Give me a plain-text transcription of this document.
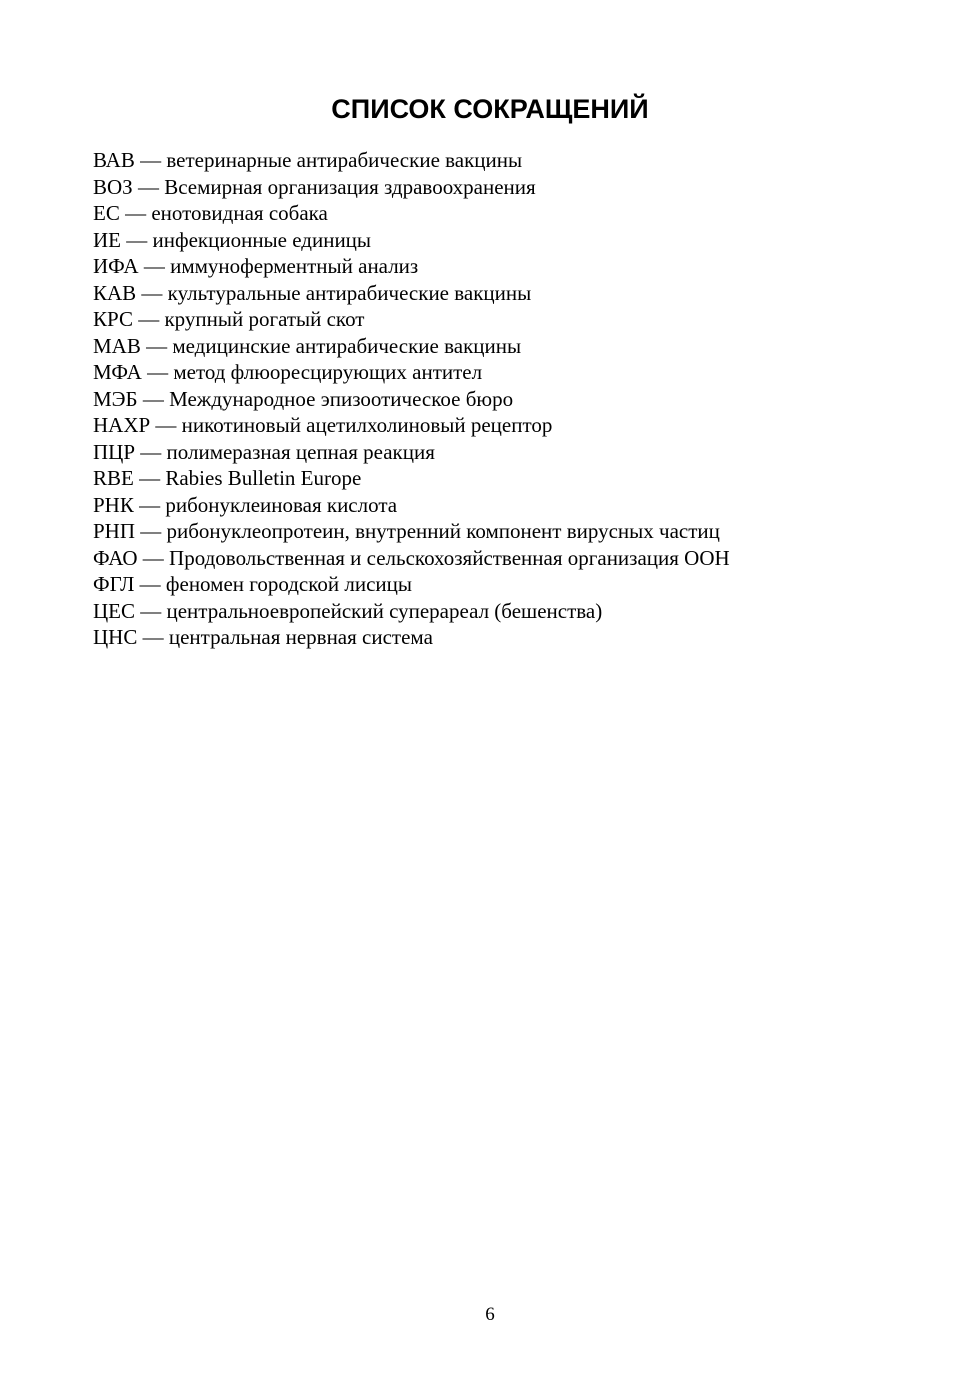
СПИСОК СОКРАЩЕНИЙ
ВАВ — ветеринарные антирабические вакцины
ВОЗ — Всемирная организация здравоохранения
ЕС — енотовидная собака
ИЕ — инфекционные единицы
ИФА — иммуноферментный анализ
КАВ — культуральные антирабические вакцины
КРС — крупный рогатый скот
МАВ — медицинские антирабические вакцины
МФА — метод флюоресцирующих антител
МЭБ — Международное эпизоотическое бюро
НАХР — никотиновый ацетилхолиновый рецептор
ПЦР — полимеразная цепная реакция
RBE — Rabies Bulletin Europe
РНК — рибонуклеиновая кислота
РНП — рибонуклеопротеин, внутренний компонент вирусных частиц
ФАО — Продовольственная и сельскохозяйственная организация ООН
ФГЛ — феномен городской лисицы
ЦЕС — центральноевропейский суперареал (бешенства)
ЦНС — центральная нервная система
6
